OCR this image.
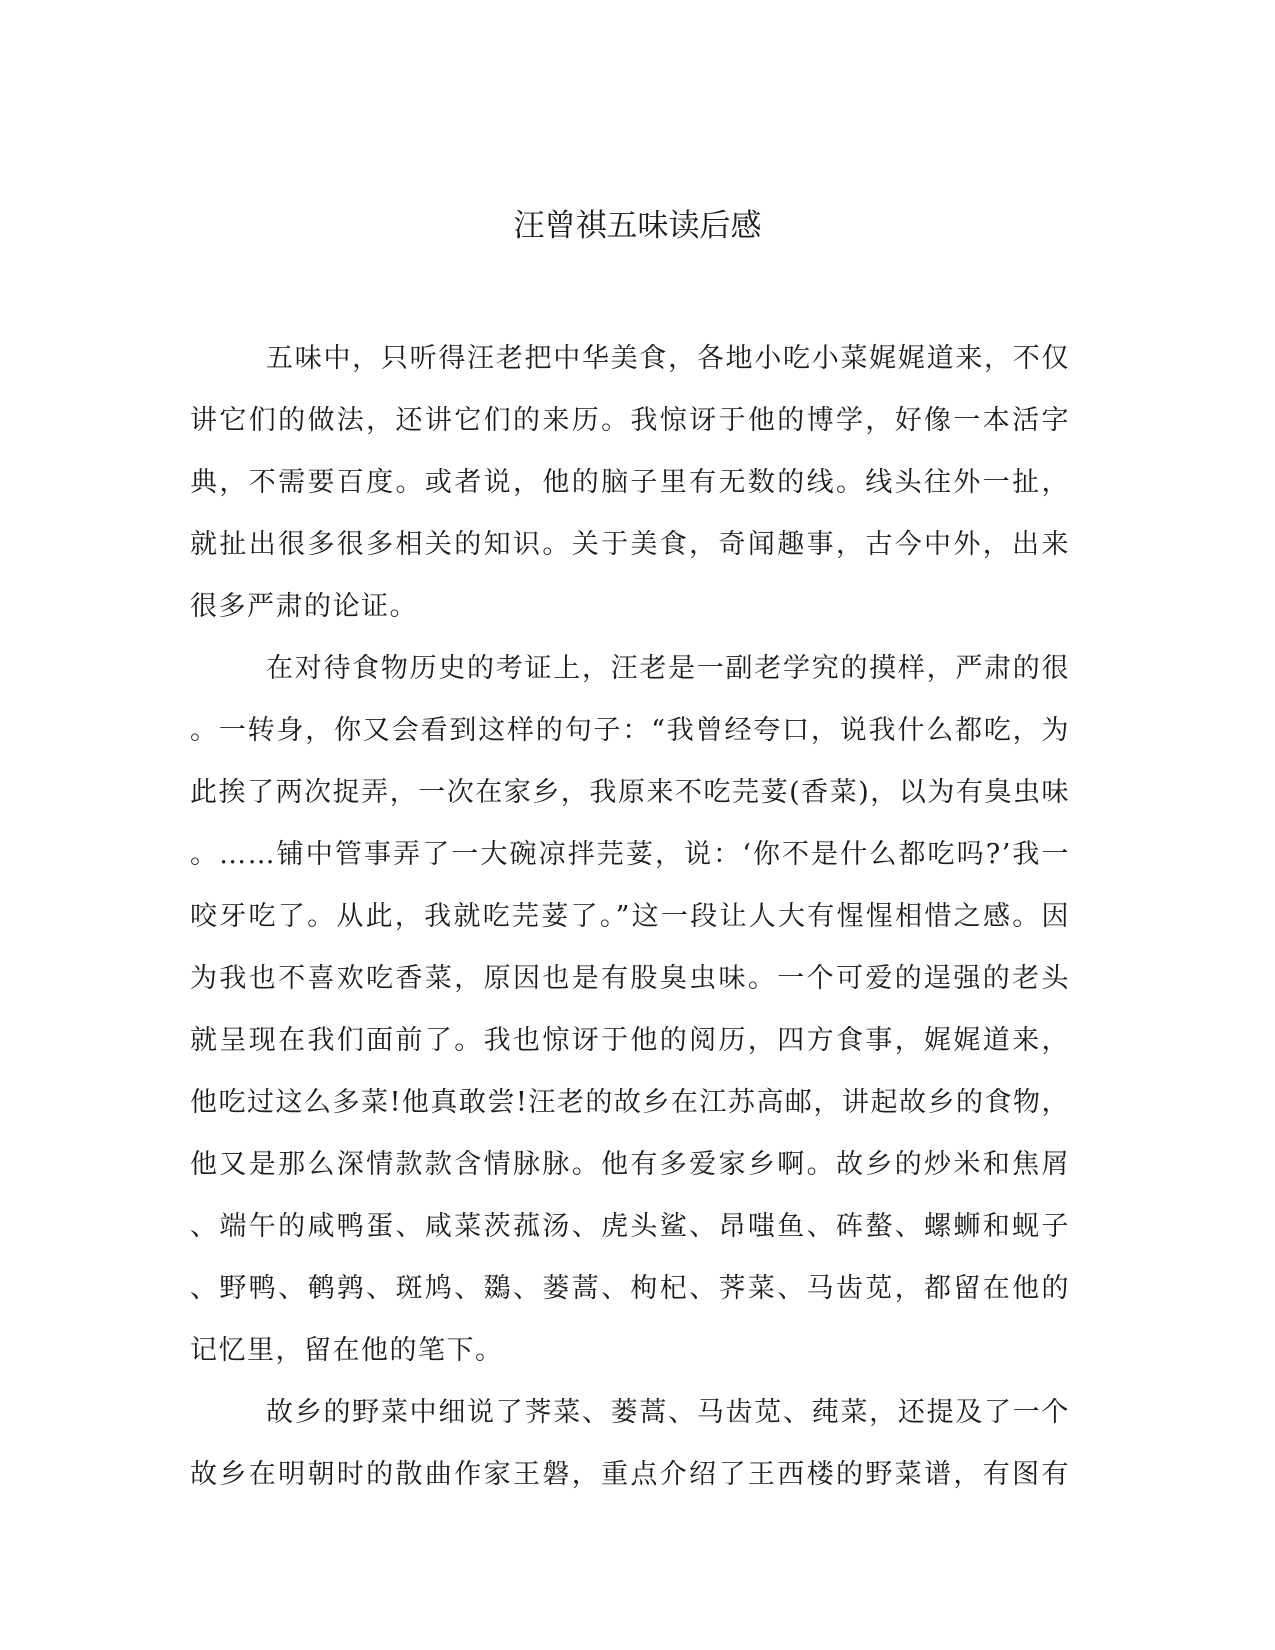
汪曾祺五味读后感
五味中，只听得汪老把中华美食，各地小吃小菜娓娓道来，不仅
讲它们的做法，还讲它们的来历。我惊讶于他的博学，好像一本活字
典，不需要百度。或者说，他的脑子里有无数的线。线头往外一扯，
就扯出很多很多相关的知识。关于美食，奇闻趣事，古今中外，出来
很多严肃的论证。
在对待食物历史的考证上，汪老是一副老学究的摸样，严肃的很
。一转身，你又会看到这样的句子：“我曾经夸口，说我什么都吃，为
此挨了两次捉弄，一次在家乡，我原来不吃芫荽(香菜)，以为有臭虫味
。……铺中管事弄了一大碗凉拌芫荽，说：‘你不是什么都吃吗?’我一
咬牙吃了。从此，我就吃芫荽了。”这一段让人大有惺惺相惜之感。因
为我也不喜欢吃香菜，原因也是有股臭虫味。一个可爱的逞强的老头
就呈现在我们面前了。我也惊讶于他的阅历，四方食事，娓娓道来，
他吃过这么多菜!他真敢尝!汪老的故乡在江苏高邮，讲起故乡的食物，
他又是那么深情款款含情脉脉。他有多爱家乡啊。故乡的炒米和焦屑
、端午的咸鸭蛋、咸菜茨菰汤、虎头鲨、昂嗤鱼、砗螯、螺蛳和蚬子
、野鸭、鹌鹑、斑鸠、鵽、蒌蒿、枸杞、荠菜、马齿苋，都留在他的
记忆里，留在他的笔下。
故乡的野菜中细说了荠菜、蒌蒿、马齿苋、莼菜，还提及了一个
故乡在明朝时的散曲作家王磐，重点介绍了王西楼的野菜谱，有图有
